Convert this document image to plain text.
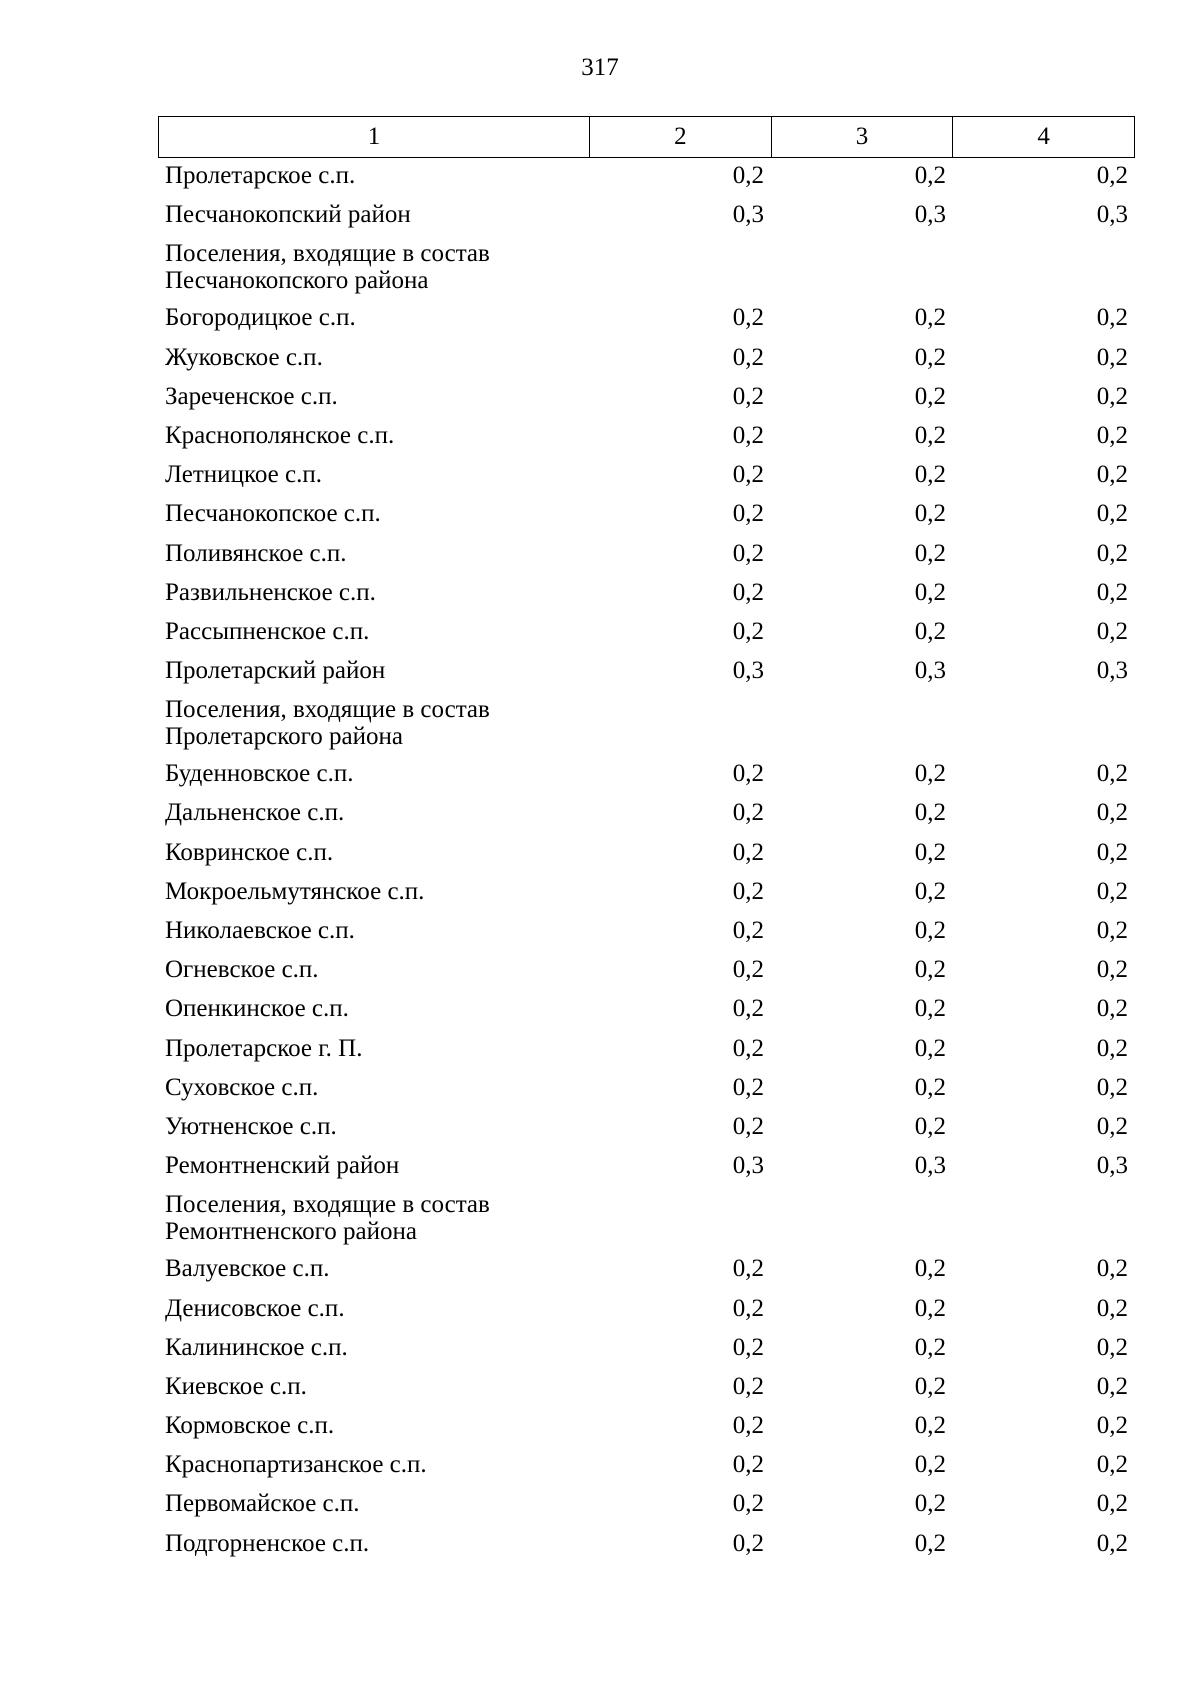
317
1	2	3	4
Пролетарское с.п.	0,2	0,2	0,2
Песчанокопский район	0,3	0,3	0,3
Поселения, входящие в состав
Песчанокопского района
Богородицкое с.п.	0,2	0,2	0,2
Жуковское с.п.	0,2	0,2	0,2
Зареченское с.п.	0,2	0,2	0,2
Краснополянское с.п.	0,2	0,2	0,2
Летницкое с.п.	0,2	0,2	0,2
Песчанокопское с.п.	0,2	0,2	0,2
Поливянское с.п.	0,2	0,2	0,2
Развильненское с.п.	0,2	0,2	0,2
Рассыпненское с.п.	0,2	0,2	0,2
Пролетарский район	0,3	0,3	0,3
Поселения, входящие в состав
Пролетарского района
Буденновское с.п.	0,2	0,2	0,2
Дальненское с.п.	0,2	0,2	0,2
Ковринское с.п.	0,2	0,2	0,2
Мокроельмутянское с.п.	0,2	0,2	0,2
Николаевское с.п.	0,2	0,2	0,2
Огневское с.п.	0,2	0,2	0,2
Опенкинское с.п.	0,2	0,2	0,2
Пролетарское г. П.	0,2	0,2	0,2
Суховское с.п.	0,2	0,2	0,2
Уютненское с.п.	0,2	0,2	0,2
Ремонтненский район	0,3	0,3	0,3
Поселения, входящие в состав
Ремонтненского района
Валуевское с.п.	0,2	0,2	0,2
Денисовское с.п.	0,2	0,2	0,2
Калининское с.п.	0,2	0,2	0,2
Киевское с.п.	0,2	0,2	0,2
Кормовское с.п.	0,2	0,2	0,2
Краснопартизанское с.п.	0,2	0,2	0,2
Первомайское с.п.	0,2	0,2	0,2
Подгорненское с.п.	0,2	0,2	0,2
